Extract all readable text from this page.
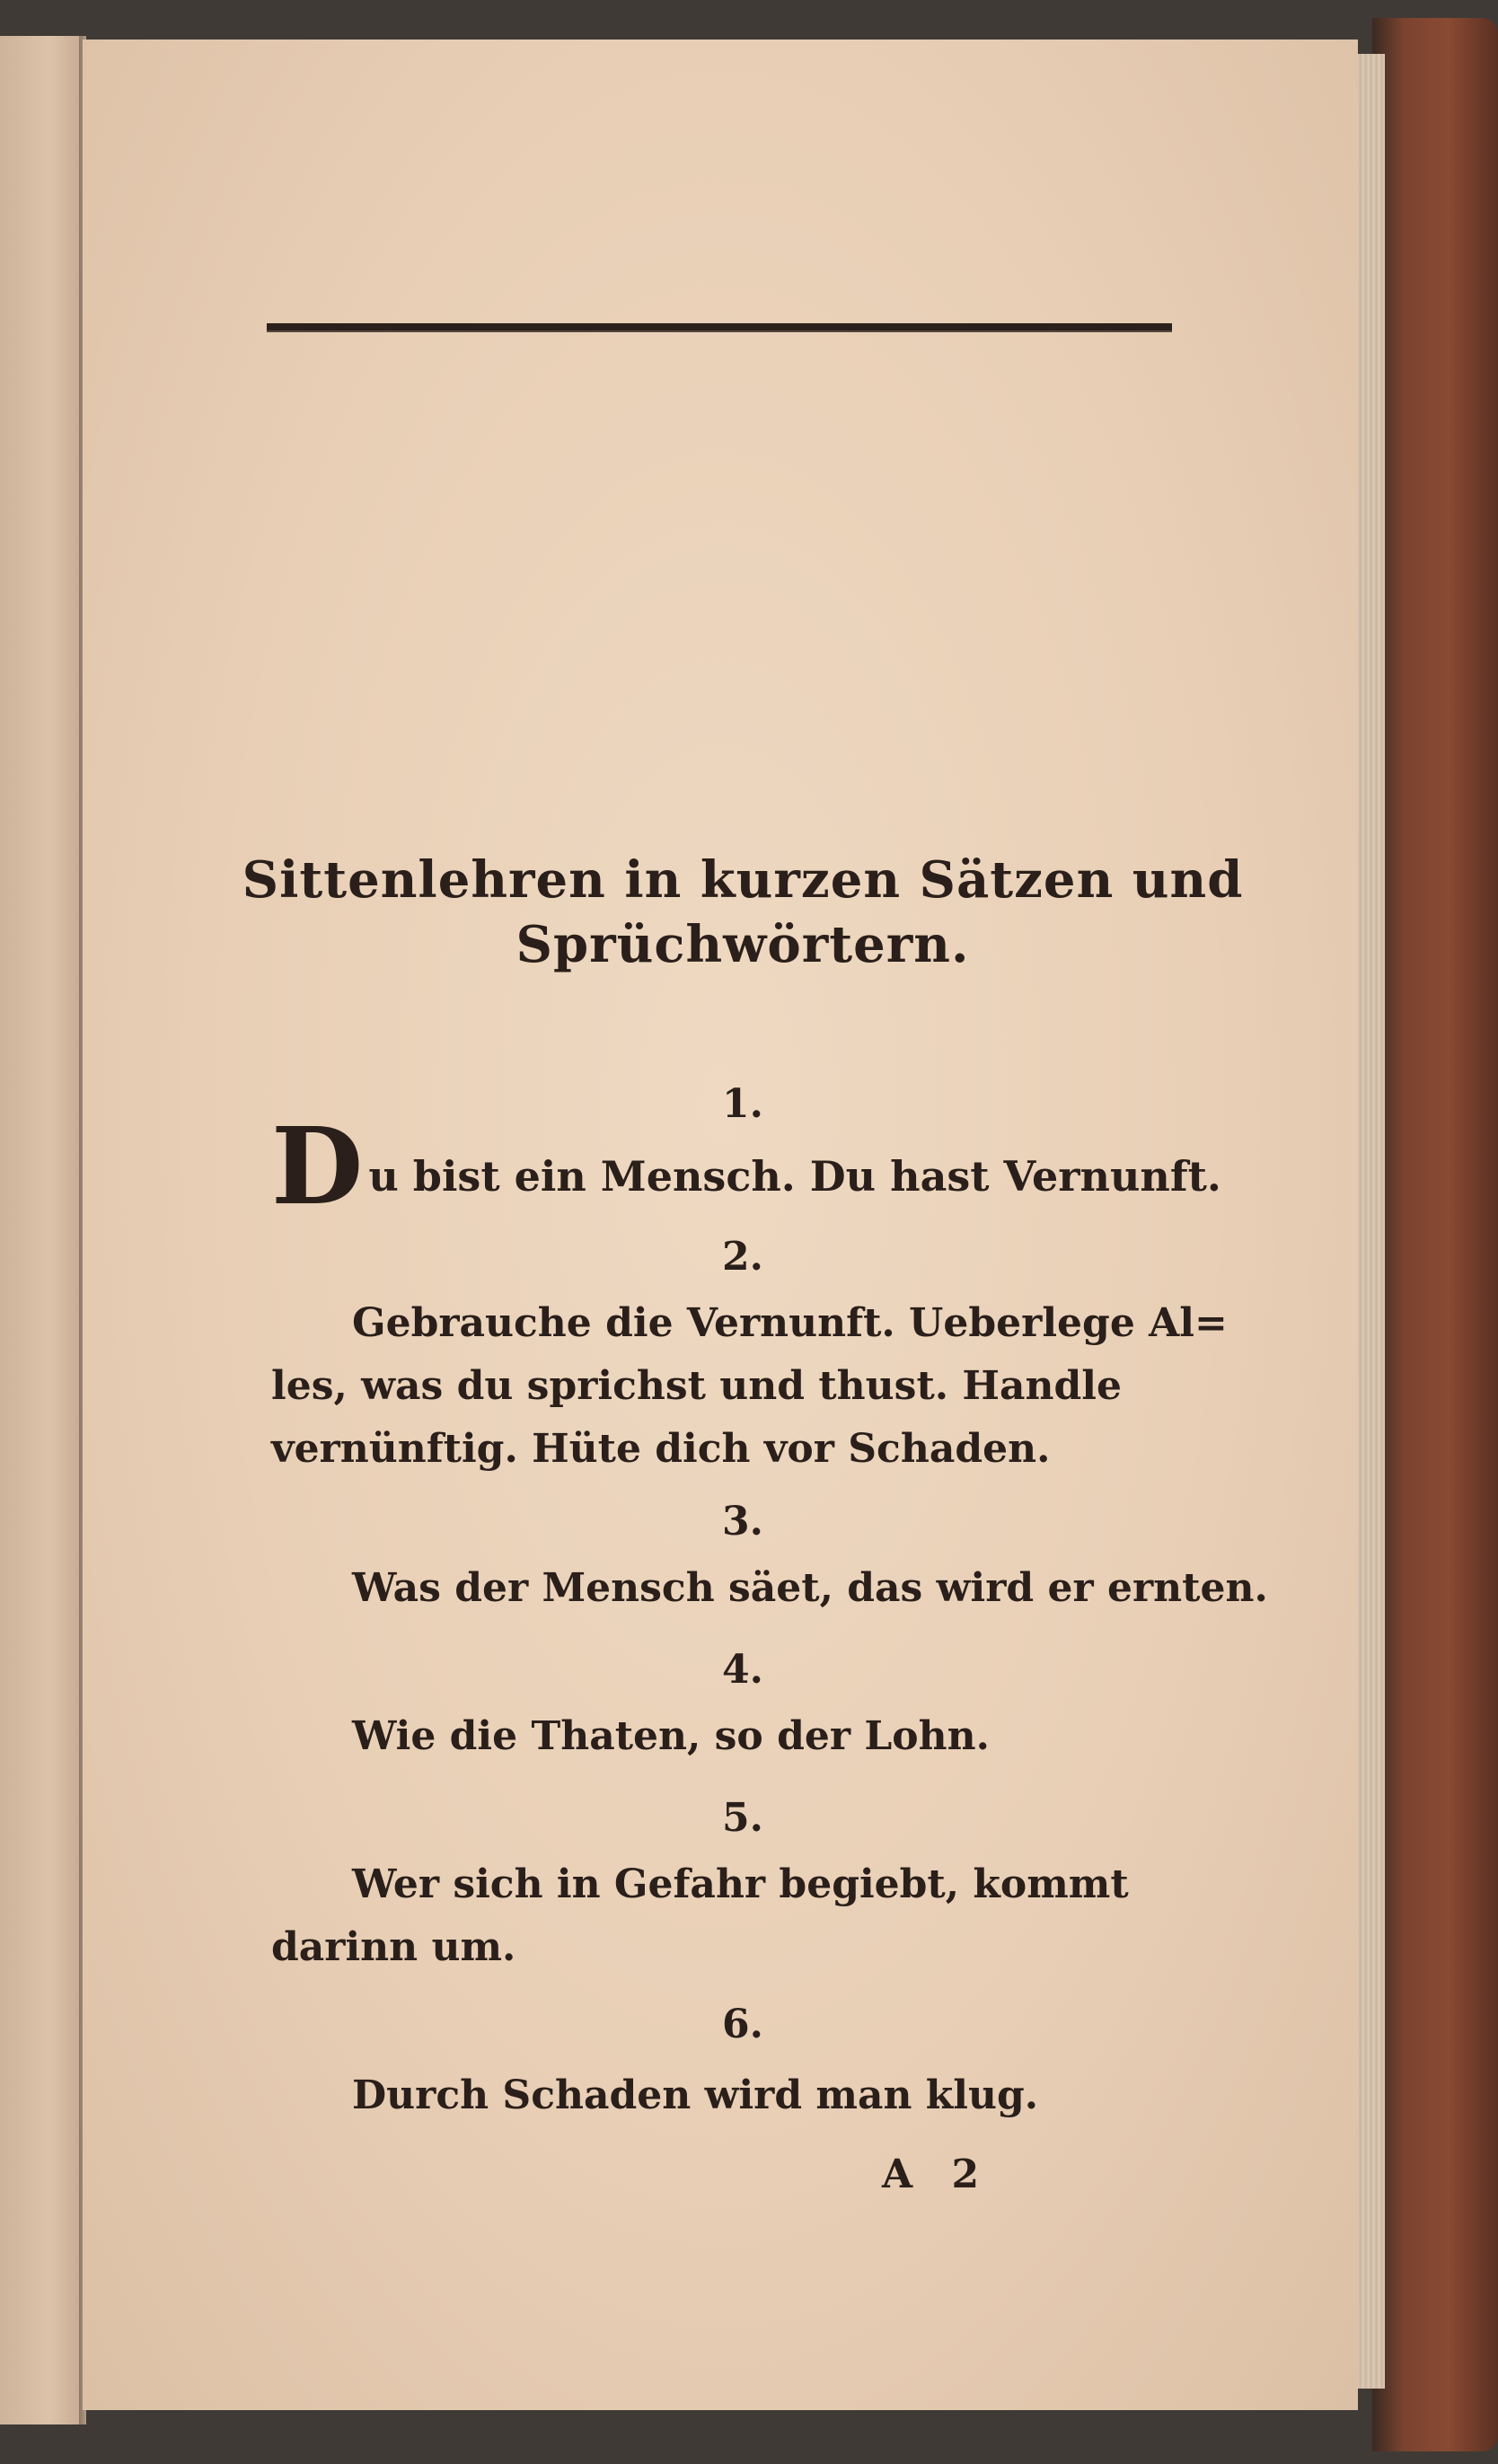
Sittenlehren in kurzen Sätzen und Sprüchwörtern.
1.
Du bist ein Mensch. Du hast Vernunft.
2.
Gebrauche die Vernunft. Ueberlege Al=
les, was du sprichst und thust. Handle
vernünftig. Hüte dich vor Schaden.
3.
Was der Mensch säet, das wird er ernten.
4.
Wie die Thaten, so der Lohn.
5.
Wer sich in Gefahr begiebt, kommt
darinn um.
6.
Durch Schaden wird man klug.
A 2
